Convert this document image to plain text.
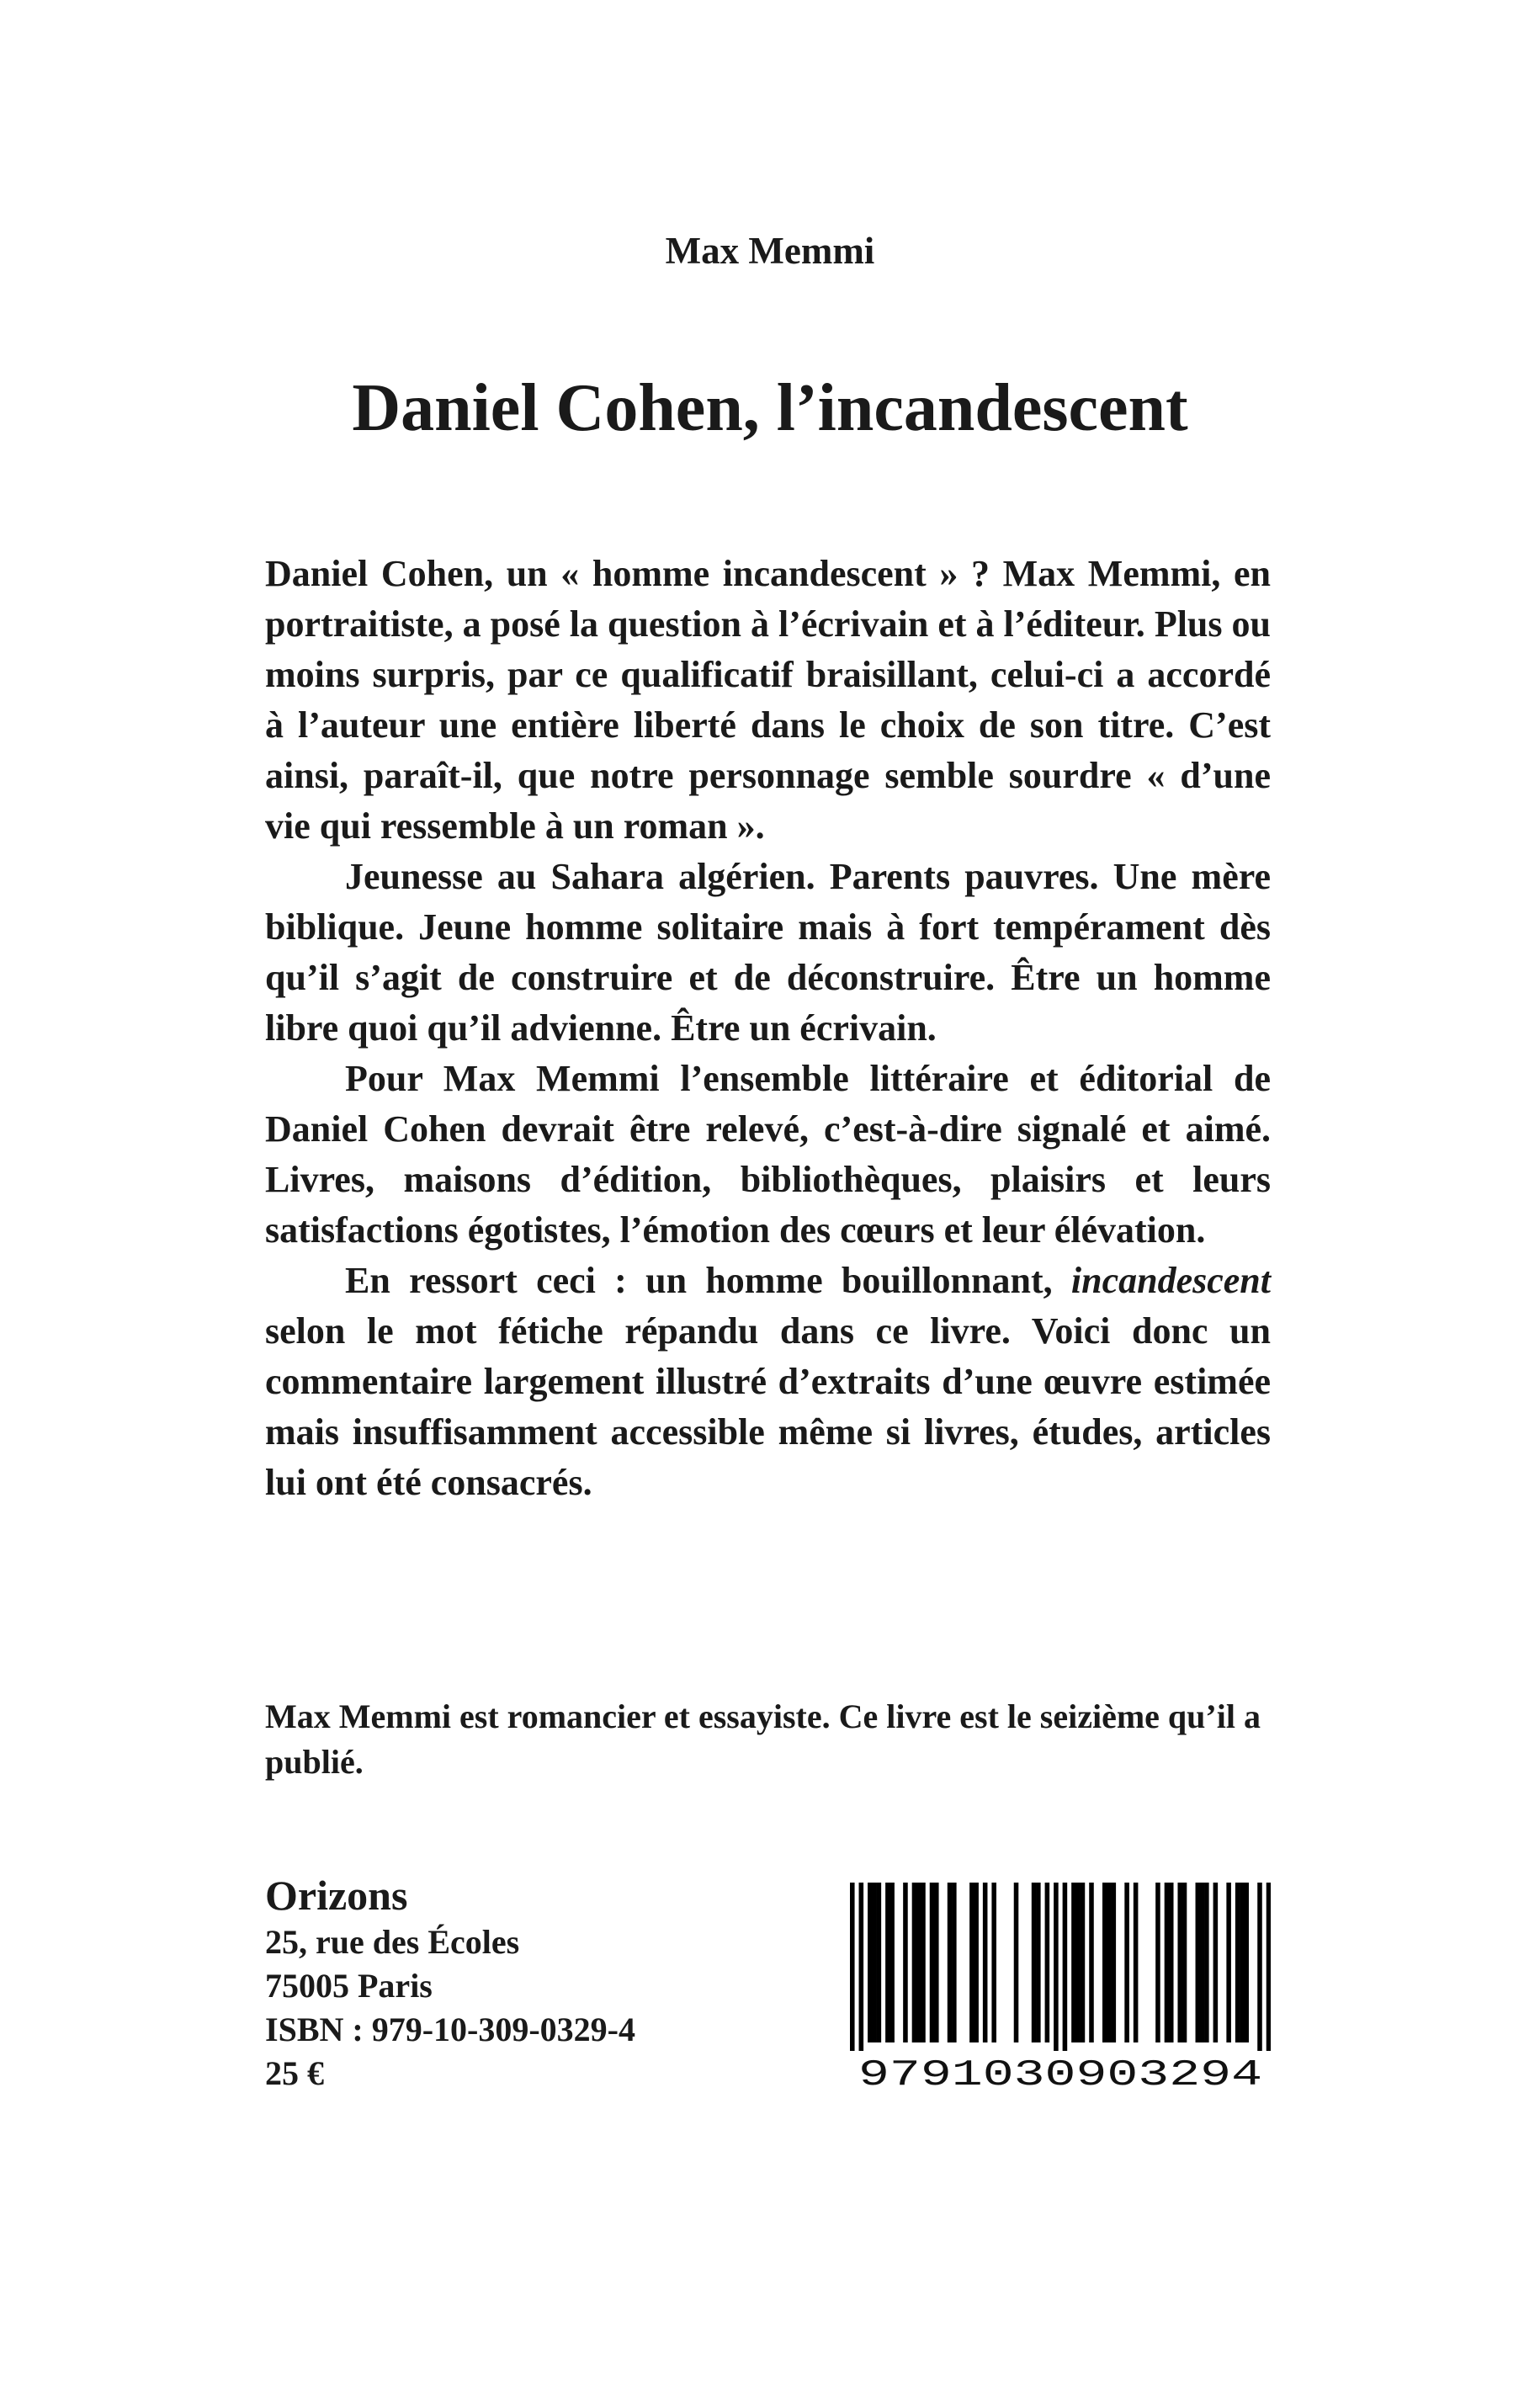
Max Memmi
Daniel Cohen, l’incandescent

Daniel Cohen, un « homme incandescent » ? Max Memmi, en portraitiste, a posé la question à l’écrivain et à l’éditeur. Plus ou moins surpris, par ce qualificatif braisillant, celui-ci a accordé à l’auteur une entière liberté dans le choix de son titre. C’est ainsi, paraît-il, que notre personnage semble sourdre « d’une vie qui ressemble à un roman ».

Jeunesse au Sahara algérien. Parents pauvres. Une mère biblique. Jeune homme solitaire mais à fort tempérament dès qu’il s’agit de construire et de déconstruire. Être un homme libre quoi qu’il advienne. Être un écrivain.

Pour Max Memmi l’ensemble littéraire et éditorial de Daniel Cohen devrait être relevé, c’est-à-dire signalé et aimé. Livres, maisons d’édition, bibliothèques, plaisirs et leurs satisfactions égotistes, l’émotion des cœurs et leur élévation.

En ressort ceci : un homme bouillonnant, incandescent selon le mot fétiche répandu dans ce livre. Voici donc un commentaire largement illustré d’extraits d’une œuvre estimée mais insuffisamment accessible même si livres, études, articles lui ont été consacrés.

Max Memmi est romancier et essayiste. Ce livre est le seizième qu’il a publié.

Orizons
25, rue des Écoles
75005 Paris
ISBN : 979-10-309-0329-4
25 €	9791030903294
